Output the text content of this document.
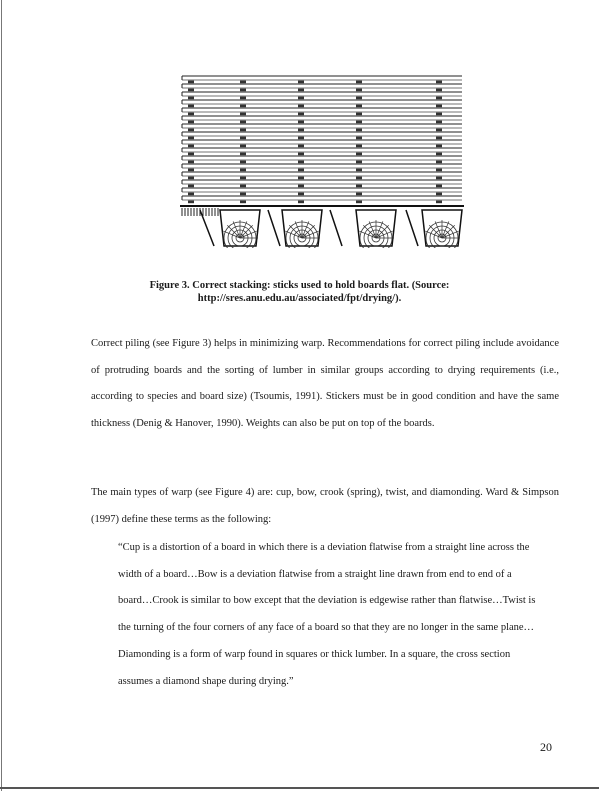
Figure 3. Correct stacking: sticks used to hold boards flat. (Source:
http://sres.anu.edu.au/associated/fpt/drying/).

Correct piling (see Figure 3) helps in minimizing warp. Recommendations for correct piling include avoidance of protruding boards and the sorting of lumber in similar groups according to drying requirements (i.e., according to species and board size) (Tsoumis, 1991). Stickers must be in good condition and have the same thickness (Denig & Hanover, 1990). Weights can also be put on top of the boards.

The main types of warp (see Figure 4) are: cup, bow, crook (spring), twist, and diamonding. Ward & Simpson (1997) define these terms as the following:

“Cup is a distortion of a board in which there is a deviation flatwise from a straight line across the width of a board…Bow is a deviation flatwise from a straight line drawn from end to end of a board…Crook is similar to bow except that the deviation is edgewise rather than flatwise…Twist is the turning of the four corners of any face of a board so that they are no longer in the same plane…Diamonding is a form of warp found in squares or thick lumber. In a square, the cross section assumes a diamond shape during drying.”

20
